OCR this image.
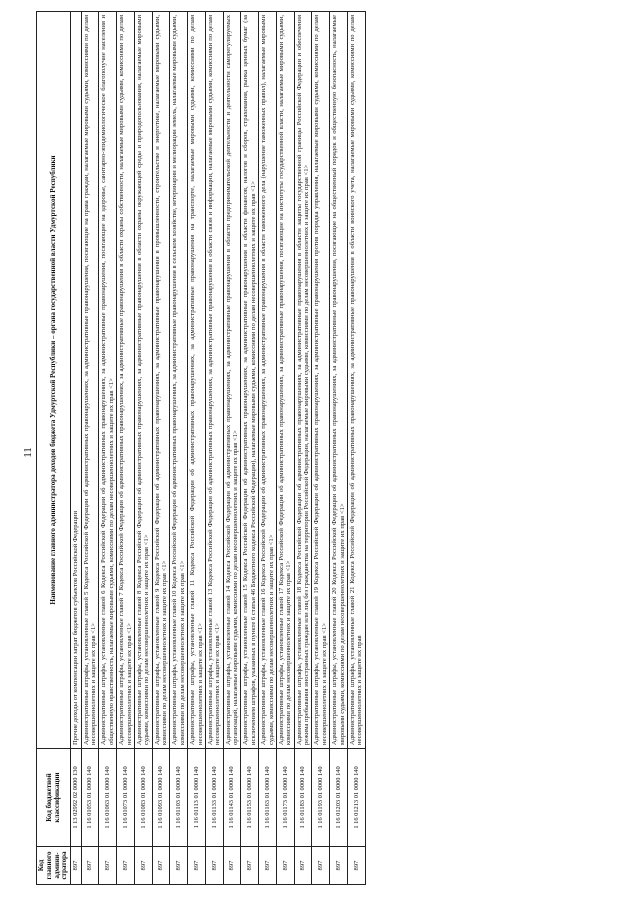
11
Код главного админи-стратора	Код бюджетной классификации	Наименование главного администратора доходов бюджета Удмуртской Республики – органа государственной власти Удмуртской Республики
897	1 13 02992 02 0000 130	Прочие доходы от компенсации затрат бюджетов субъектов Российской Федерации
897	1 16 01053 01 0000 140	Административные штрафы, установленные главой 5 Кодекса Российской Федерации об административных правонарушениях, за административные правонарушения, посягающие на права граждан, налагаемые мировыми судьями, комиссиями по делам несовершеннолетних и защите их прав <1>
897	1 16 01063 01 0000 140	Административные штрафы, установленные главой 6 Кодекса Российской Федерации об административных правонарушениях, за административные правонарушения, посягающие на здоровье, санитарно-эпидемиологическое благополучие населения и общественную нравственность, налагаемые мировыми судьями, комиссиями по делам несовершеннолетних и защите их прав <1>
897	1 16 01073 01 0000 140	Административные штрафы, установленные главой 7 Кодекса Российской Федерации об административных правонарушениях, за административные правонарушения в области охраны собственности, налагаемые мировыми судьями, комиссиями по делам несовершеннолетних и защите их прав <1>
897	1 16 01083 01 0000 140	Административные штрафы, установленные главой 8 Кодекса Российской Федерации об административных правонарушениях, за административные правонарушения в области охраны окружающей среды и природопользования, налагаемые мировыми судьями, комиссиями по делам несовершеннолетних и защите их прав <1>
897	1 16 01093 01 0000 140	Административные штрафы, установленные главой 9 Кодекса Российской Федерации об административных правонарушениях, за административные правонарушения в промышленности, строительстве и энергетике, налагаемые мировыми судьями, комиссиями по делам несовершеннолетних и защите их прав <1>
897	1 16 01103 01 0000 140	Административные штрафы, установленные главой 10 Кодекса Российской Федерации об административных правонарушениях, за административные правонарушения в сельском хозяйстве, ветеринарии и мелиорации земель, налагаемые мировыми судьями, комиссиями по делам несовершеннолетних и защите их прав <1>
897	1 16 01113 01 0000 140	Административные штрафы, установленные главой 11 Кодекса Российской Федерации об административных правонарушениях, за административные правонарушения на транспорте, налагаемые мировыми судьями, комиссиями по делам несовершеннолетних и защите их прав <1>
897	1 16 01133 01 0000 140	Административные штрафы, установленные главой 13 Кодекса Российской Федерации об административных правонарушениях, за административные правонарушения в области связи и информации, налагаемые мировыми судьями, комиссиями по делам несовершеннолетних и защите их прав <1>
897	1 16 01143 01 0000 140	Административные штрафы, установленные главой 14 Кодекса Российской Федерации об административных правонарушениях, за административные правонарушения в области предпринимательской деятельности и деятельности саморегулируемых организаций, налагаемые мировыми судьями, комиссиями по делам несовершеннолетних и защите их прав <1>
897	1 16 01153 01 0000 140	Административные штрафы, установленные главой 15 Кодекса Российской Федерации об административных правонарушениях, за административные правонарушения в области финансов, налогов и сборов, страхования, рынка ценных бумаг (за исключением штрафов, указанных в пункте 6 статьи 46 Бюджетного кодекса Российской Федерации), налагаемые мировыми судьями, комиссиями по делам несовершеннолетних и защите их прав <1>
897	1 16 01163 01 0000 140	Административные штрафы, установленные главой 16 Кодекса Российской Федерации об административных правонарушениях, за административные правонарушения в области таможенного дела (нарушение таможенных правил), налагаемые мировыми судьями, комиссиями по делам несовершеннолетних и защите их прав <1>
897	1 16 01173 01 0000 140	Административные штрафы, установленные главой 17 Кодекса Российской Федерации об административных правонарушениях, за административные правонарушения, посягающие на институты государственной власти, налагаемые мировыми судьями, комиссиями по делам несовершеннолетних и защите их прав <1>
897	1 16 01183 01 0000 140	Административные штрафы, установленные главой 18 Кодекса Российской Федерации об административных правонарушениях, за административные правонарушения в области защиты государственной границы Российской Федерации и обеспечения режима пребывания иностранных граждан или лиц без гражданства на территории Российской Федерации, налагаемые мировыми судьями, комиссиями по делам несовершеннолетних и защите их прав <1>
897	1 16 01193 01 0000 140	Административные штрафы, установленные главой 19 Кодекса Российской Федерации об административных правонарушениях, за административные правонарушения против порядка управления, налагаемые мировыми судьями, комиссиями по делам несовершеннолетних и защите их прав <1>
897	1 16 01203 01 0000 140	Административные штрафы, установленные главой 20 Кодекса Российской Федерации об административных правонарушениях, за административные правонарушения, посягающие на общественный порядок и общественную безопасность, налагаемые мировыми судьями, комиссиями по делам несовершеннолетних и защите их прав <1>
897	1 16 01213 01 0000 140	Административные штрафы, установленные главой 21 Кодекса Российской Федерации об административных правонарушениях, за административные правонарушения в области воинского учета, налагаемые мировыми судьями, комиссиями по делам несовершеннолетних и защите их прав
